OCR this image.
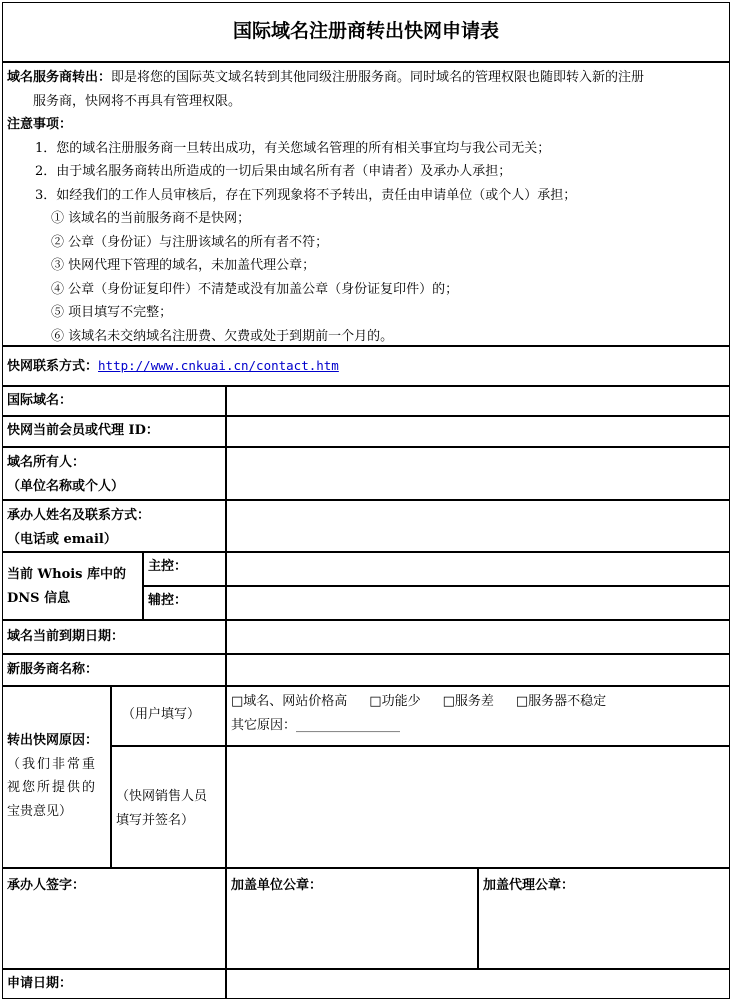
国际域名注册商转出快网申请表
域名服务商转出：即是将您的国际英文域名转到其他同级注册服务商。同时域名的管理权限也随即转入新的注册
服务商，快网将不再具有管理权限。
注意事项：
1．您的域名注册服务商一旦转出成功，有关您域名管理的所有相关事宜均与我公司无关；
2．由于域名服务商转出所造成的一切后果由域名所有者（申请者）及承办人承担；
3．如经我们的工作人员审核后，存在下列现象将不予转出，责任由申请单位（或个人）承担；
① 该域名的当前服务商不是快网；
② 公章（身份证）与注册该域名的所有者不符；
③ 快网代理下管理的域名，未加盖代理公章；
④ 公章（身份证复印件）不清楚或没有加盖公章（身份证复印件）的；
⑤ 项目填写不完整；
⑥ 该域名未交纳域名注册费、欠费或处于到期前一个月的。
快网联系方式：http://www.cnkuai.cn/contact.htm
国际域名：
快网当前会员或代理 ID：
域名所有人：
（单位名称或个人）
承办人姓名及联系方式：
（电话或 email）
当前 Whois 库中的
DNS 信息
主控：
辅控：
域名当前到期日期：
新服务商名称：
转出快网原因：
（我们非常重
视您所提供的
宝贵意见）
（用户填写）
□域名、网站价格高 □功能少 □服务差 □服务器不稳定
其它原因：________________
（快网销售人员
填写并签名）
承办人签字：	加盖单位公章：	加盖代理公章：
申请日期：
